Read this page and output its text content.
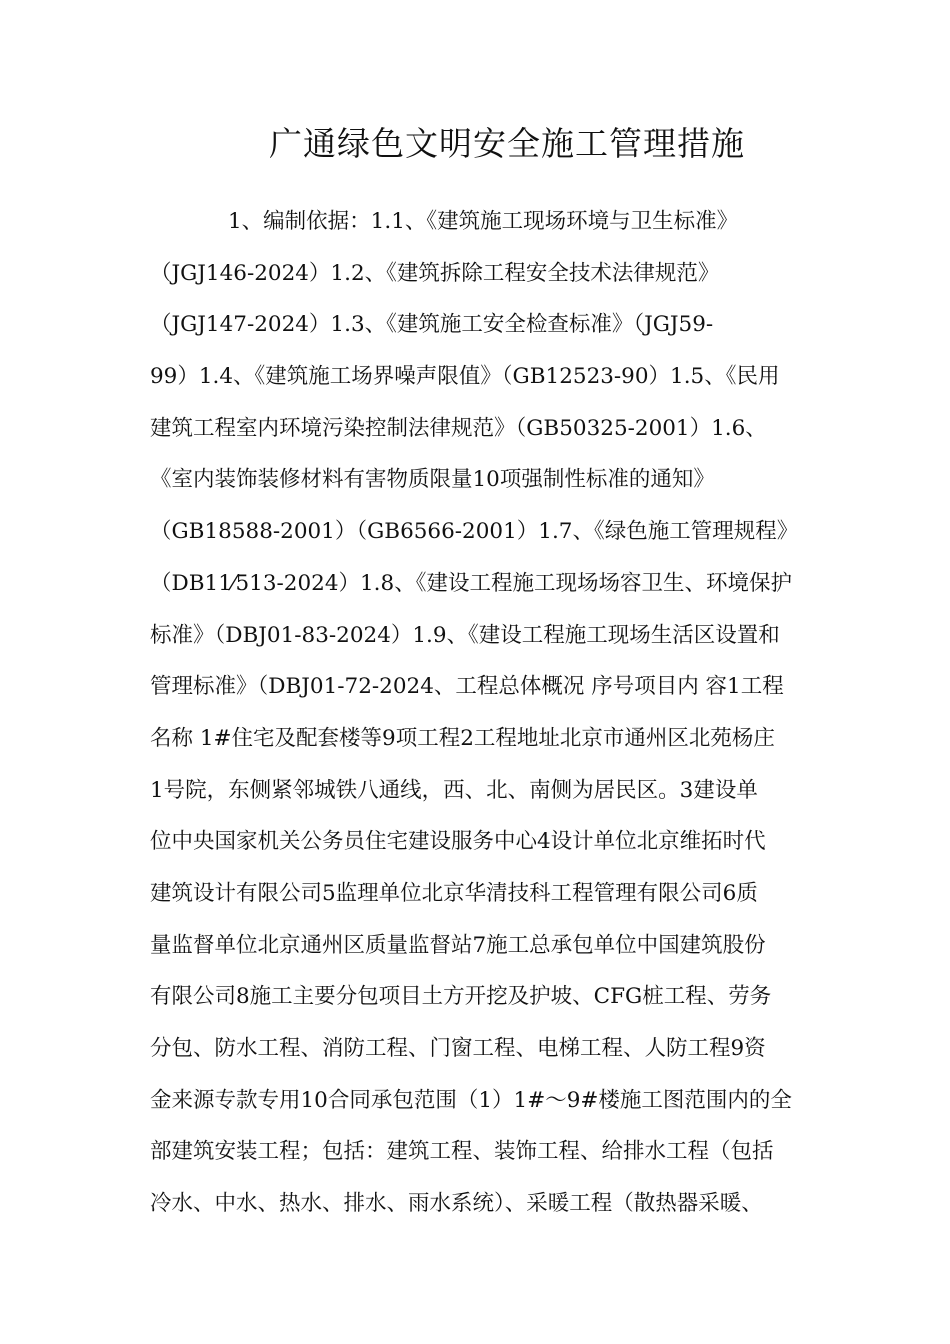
广通绿色文明安全施工管理措施
1、编制依据：1.1、《建筑施工现场环境与卫生标准》
（JGJ146-2024）1.2、《建筑拆除工程安全技术法律规范》
（JGJ147-2024）1.3、《建筑施工安全检查标准》（JGJ59-
99）1.4、《建筑施工场界噪声限值》（GB12523-90）1.5、《民用
建筑工程室内环境污染控制法律规范》（GB50325-2001）1.6、
《室内装饰装修材料有害物质限量10项强制性标准的通知》
（GB18588-2001）（GB6566-2001）1.7、《绿色施工管理规程》
（DB11⁄513-2024）1.8、《建设工程施工现场场容卫生、环境保护
标准》（DBJ01-83-2024）1.9、《建设工程施工现场生活区设置和
管理标准》（DBJ01-72-2024、工程总体概况 序号项目内 容1工程
名称 1#住宅及配套楼等9项工程2工程地址北京市通州区北苑杨庄
1号院，东侧紧邻城铁八通线，西、北、南侧为居民区。3建设单
位中央国家机关公务员住宅建设服务中心4设计单位北京维拓时代
建筑设计有限公司5监理单位北京华清技科工程管理有限公司6质
量监督单位北京通州区质量监督站7施工总承包单位中国建筑股份
有限公司8施工主要分包项目土方开挖及护坡、CFG桩工程、劳务
分包、防水工程、消防工程、门窗工程、电梯工程、人防工程9资
金来源专款专用10合同承包范围（1）1#～9#楼施工图范围内的全
部建筑安装工程；包括：建筑工程、装饰工程、给排水工程（包括
冷水、中水、热水、排水、雨水系统）、采暖工程（散热器采暖、
